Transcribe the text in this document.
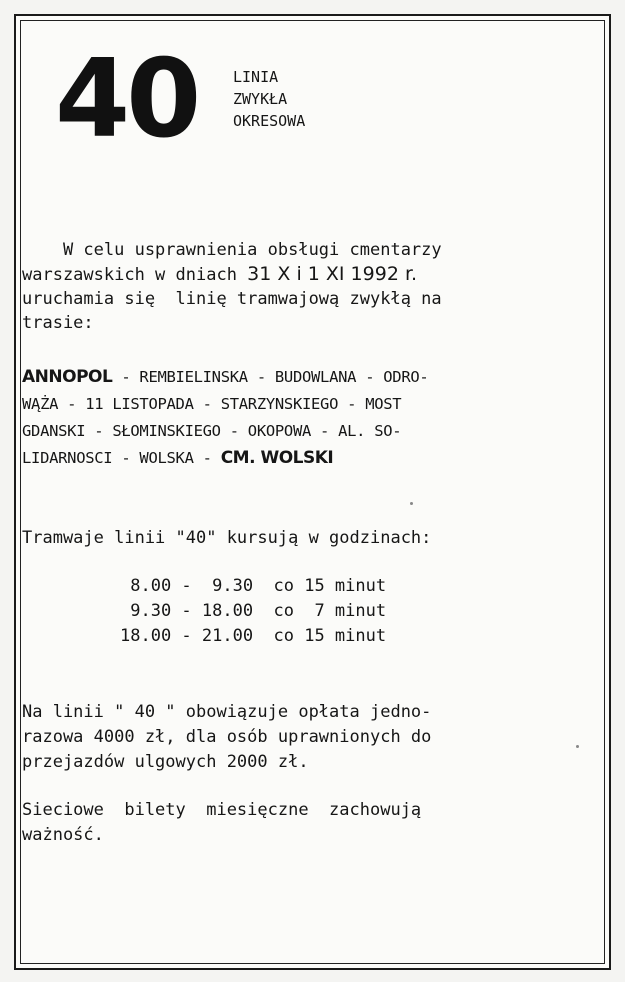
40 LINIA
ZWYKŁA
OKRESOWA
W celu usprawnienia obsługi cmentarzy
warszawskich w dniach 31 X i 1 XI 1992 r.
uruchamia się  linię tramwajową zwykłą na
trasie:
ANNOPOL - REMBIELINSKA - BUDOWLANA - ODRO-
WĄŻA - 11 LISTOPADA - STARZYNSKIEGO - MOST
GDANSKI - SŁOMINSKIEGO - OKOPOWA - AL. SO-
LIDARNOSCI - WOLSKA - CM. WOLSKI
Tramwaje linii "40" kursują w godzinach:
8.00 -  9.30  co 15 minut
9.30 - 18.00  co  7 minut
18.00 - 21.00  co 15 minut
Na linii " 40 " obowiązuje opłata jedno-
razowa 4000 zł, dla osób uprawnionych do
przejazdów ulgowych 2000 zł.
Sieciowe  bilety  miesięczne  zachowują
ważność.
